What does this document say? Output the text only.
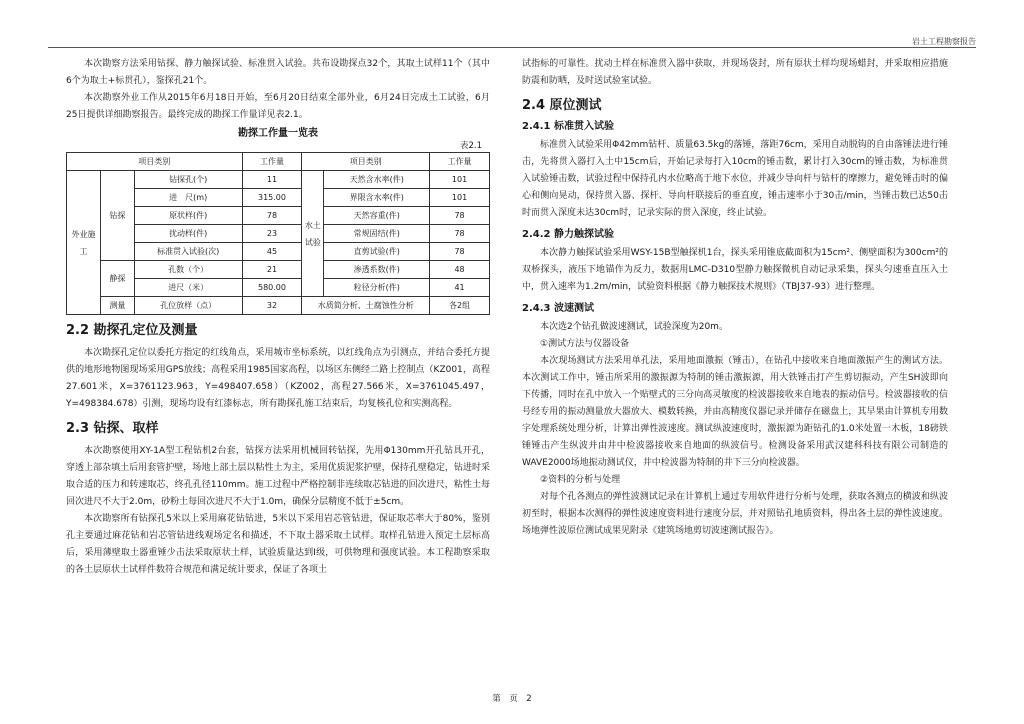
岩土工程勘察报告

本次勘察方法采用钻探、静力触探试验、标准贯入试验。共布设勘探点32个，其取土试样11个（其中6个为取土+标贯孔），鉴探孔21个。

本次勘察外业工作从2015年6月18日开始，至6月20日结束全部外业，6月24日完成土工试验，6月25日提供详细勘察报告。最终完成的勘探工作量详见表2.1。

勘探工作量一览表
表2.1
项目类别			工作量	项目类别		工作量
外业施工	钻探	钻探孔(个)	11	水土试验	天然含水率(件)	101
		进　尺(m)	315.00		界限含水率(件)	101
		原状样(件)	78		天然容重(件)	78
		扰动样(件)	23		常规固结(件)	78
		标准贯入试验(次)	45		直剪试验(件)	78
	静探	孔数（个）	21		渗透系数(件)	48
		进尺（米）	580.00		粒径分析(件)	41
	测量	孔位放样（点）	32	水质简分析、土腐蚀性分析		各2组
2.2 勘探孔定位及测量

本次勘探孔定位以委托方指定的红线角点，采用城市坐标系统，以红线角点为引测点，并结合委托方提供的地形地物图现场采用GPS放线；高程采用1985国家高程，以场区东侧经二路上控制点（KZ001，高程27.601米，X=3761123.963，Y=498407.658）（KZ002，高程27.566米，X=3761045.497，Y=498384.678）引测，现场均设有红漆标志，所有勘探孔施工结束后，均复核孔位和实测高程。

2.3 钻探、取样

本次勘察使用XY-1A型工程钻机2台套，钻探方法采用机械回转钻探，先用Φ130mm开孔钻具开孔，穿透上部杂填土后用套管护壁，场地上部土层以粘性土为主，采用优质泥浆护壁，保持孔壁稳定，钻进时采取合适的压力和转速取芯，终孔孔径110mm。施工过程中严格控制非连续取芯钻进的回次进尺，粘性土每回次进尺不大于2.0m，砂粉土每回次进尺不大于1.0m，确保分层精度不低于±5cm。

本次勘察所有钻探孔5米以上采用麻花钻钻进，5米以下采用岩芯管钻进，保证取芯率大于80%，鉴别孔主要通过麻花钻和岩芯管钻进线观场定名和描述，不下取土器采取土试样。取样孔钻进入预定土层标高后，采用薄壁取土器重锤少击法采取原状土样，试验质量达到Ⅰ级，可供物理和强度试验。本工程勘察采取的各土层原状土试样件数符合规范和满足统计要求，保证了各项土

试指标的可靠性。扰动土样在标准贯入器中获取，并现场袋封，所有原状土样均现场蜡封，并采取相应措施防震和防晒，及时送试验室试验。

2.4 原位测试
2.4.1 标准贯入试验

标准贯入试验采用Φ42mm钻杆、质量63.5kg的落锤，落距76cm，采用自动脱钩的自由落锤法进行锤击，先将贯入器打入土中15cm后，开始记录每打入10cm的锤击数，累计打入30cm的锤击数，为标准贯入试验锤击数，试验过程中保持孔内水位略高于地下水位，并减少导向杆与钻杆的摩擦力，避免锤击时的偏心和侧向晃动，保持贯入器、探杆、导向杆联接后的垂直度，锤击速率小于30击/min，当锤击数已达50击时而贯入深度未达30cm时，记录实际的贯入深度，终止试验。

2.4.2 静力触探试验

本次静力触探试验采用WSY-15B型触探机1台，探头采用锥底截面积为15cm²、侧壁面积为300cm²的双桥探头，液压下地锚作为反力，数据用LMC-D310型静力触探微机自动记录采集，探头匀速垂直压入土中，贯入速率为1.2m/min，试验资料根据《静力触探技术规则》（TBJ37-93）进行整理。

2.4.3 波速测试

本次选2个钻孔做波速测试，试验深度为20m。

①测试方法与仪器设备

本次现场测试方法采用单孔法，采用地面激振（锤击），在钻孔中接收来自地面激振产生的测试方法。本次测试工作中，锤击所采用的激振源为特制的锤击激振源，用大铁锤击打产生剪切振动，产生SH波即向下传播，同时在孔中放入一个贴壁式的三分向高灵敏度的检波器接收来自地表的振动信号。检波器接收的信号经专用的振动测量放大器放大、模数转换，并由高精度仪器记录并储存在磁盘上，其早果由计算机专用数字处理系统处理分析，计算出弹性波速度。测试纵波速度时，激振源为距钻孔的1.0米处置一木板，18磅铁锤锤击产生纵波并由井中检波器接收来自地面的纵波信号。检测设备采用武汉建科科技有限公司制造的WAVE2000场地振动测试仪，井中检波器为特制的井下三分向检波器。

②资料的分析与处理

对每个孔各测点的弹性波测试记录在计算机上通过专用软件进行分析与处理，获取各测点的横波和纵波初至时，根据本次测得的弹性波速度资料进行速度分层，并对照钻孔地质资料，得出各土层的弹性波速度。场地弹性波原位测试成果见附录《建筑场地剪切波速测试报告》。

第　页　2
